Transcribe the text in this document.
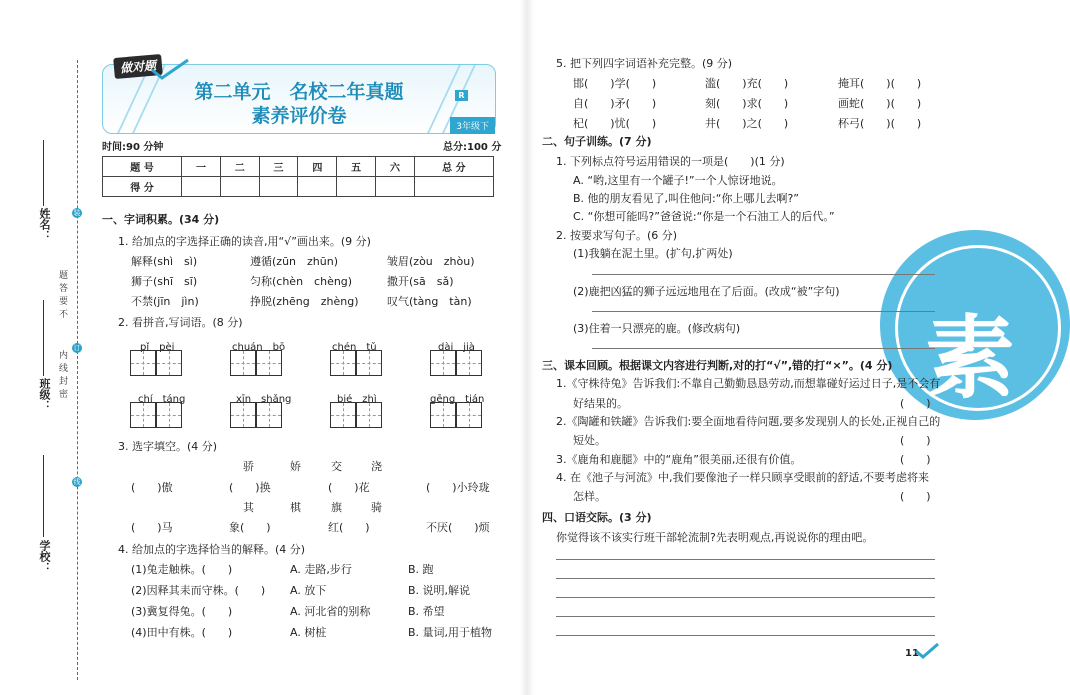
姓名：
班级：
学校：
装
订
线
题答要不
内线封密
第二单元　名校二年真题
素养评价卷	3年级下
做对题
R
时间:90 分钟	总分:100 分
题 号	一	二	三	四	五	六	总 分
得 分							
一、字词积累。(34 分)
1. 给加点的字选择正确的读音,用“√”画出来。(9 分)
解释(shì　sì)	遵循(zūn　zhūn)	皱眉(zòu　zhòu)
狮子(shī　sī)	匀称(chèn　chèng)	撒开(sā　sǎ)
不禁(jīn　jìn)	挣脱(zhēng　zhèng)	叹气(tàng　tàn)
2. 看拼音,写词语。(8 分)
pǐ　pèi	chuán　bō	chén　tǔ	dài　jià
chí　táng	xīn　shǎng	bié　zhì	gēng　tián
3. 选字填空。(4 分)
骄	娇	交	浇
(　　)傲	(　　)换	(　　)花	(　　)小玲珑
其	棋	旗	骑
(　　)马	象(　　)	红(　　)	不厌(　　)烦
4. 给加点的字选择恰当的解释。(4 分)
(1)兔走触株。(　　)	A. 走路,步行	B. 跑
(2)因释其耒而守株。(　　) A. 放下	B. 说明,解说
(3)冀复得兔。(　　)	A. 河北省的别称	B. 希望
(4)田中有株。(　　)	A. 树桩	B. 量词,用于植物
素
5. 把下列四字词语补充完整。(9 分)
邯(　　)学(　　)	滥(　　)充(　　)	掩耳(　　)(　　)
自(　　)矛(　　)	刻(　　)求(　　)	画蛇(　　)(　　)
杞(　　)忧(　　)	井(　　)之(　　)	杯弓(　　)(　　)
二、句子训练。(7 分)
1. 下列标点符号运用错误的一项是(　　)(1 分)
A. “哟,这里有一个罐子!”一个人惊讶地说。
B. 他的朋友看见了,叫住他问:“你上哪儿去啊?”
C. “你想可能吗?”爸爸说:“你是一个石油工人的后代。”
2. 按要求写句子。(6 分)
(1)我躺在泥土里。(扩句,扩两处)
(2)鹿把凶猛的狮子远远地甩在了后面。(改成“被”字句)
(3)住着一只漂亮的鹿。(修改病句)
三、课本回顾。根据课文内容进行判断,对的打“√”,错的打“×”。(4 分)
1.《守株待兔》告诉我们:不靠自己勤勤恳恳劳动,而想靠碰好运过日子,是不会有
好结果的。	(　　)
2.《陶罐和铁罐》告诉我们:要全面地看待问题,要多发现别人的长处,正视自己的
短处。	(　　)
3.《鹿角和鹿腿》中的“鹿角”很美丽,还很有价值。	(　　)
4. 在《池子与河流》中,我们要像池子一样只顾享受眼前的舒适,不要考虑将来
怎样。	(　　)
四、口语交际。(3 分)
你觉得该不该实行班干部轮流制?先表明观点,再说说你的理由吧。
11
